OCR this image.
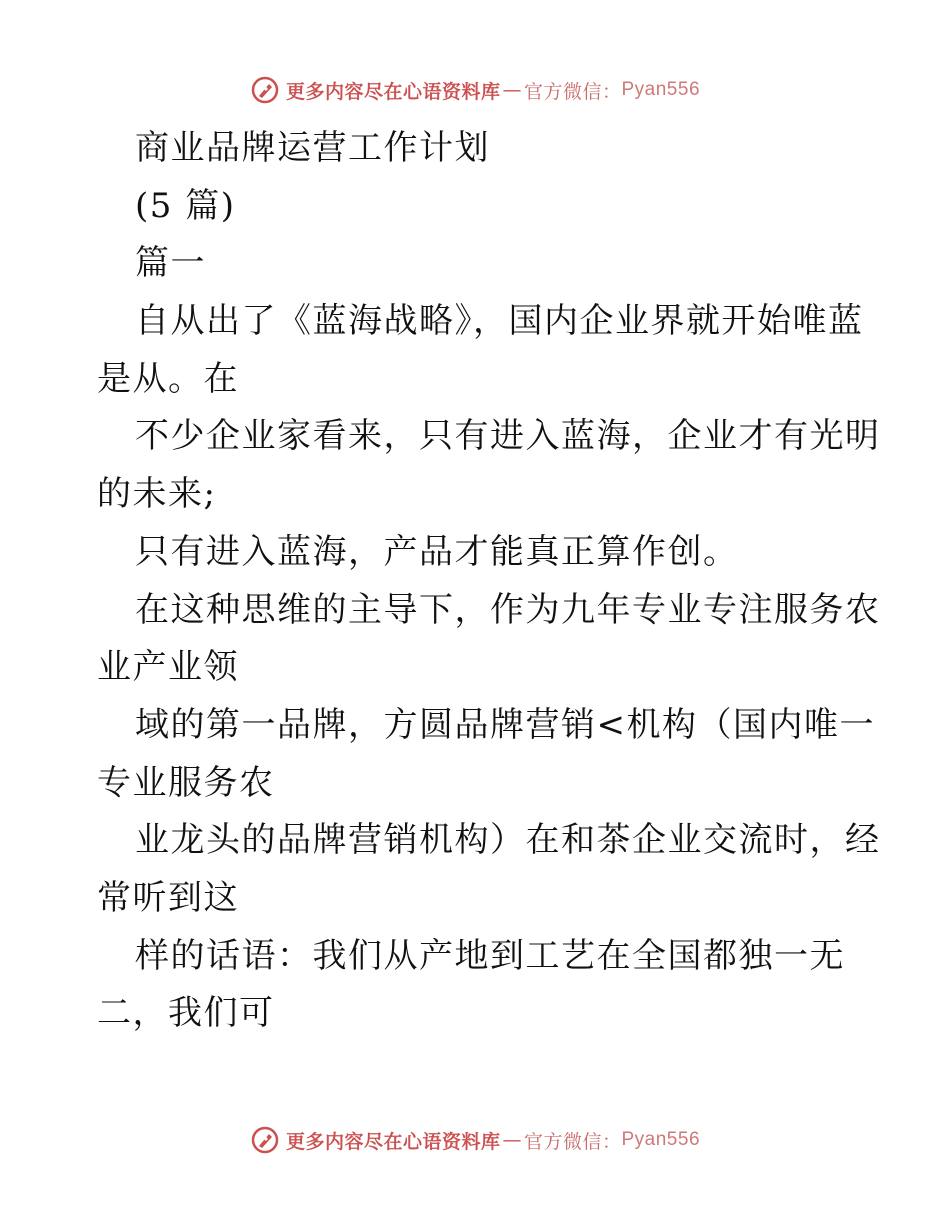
更多内容尽在心语资料库 — 官方微信： Pyan556
商业品牌运营工作计划
(5 篇)
篇一
自从出了《蓝海战略》，国内企业界就开始唯蓝
是从。在
不少企业家看来，只有进入蓝海，企业才有光明
的未来;
只有进入蓝海，产品才能真正算作创。
在这种思维的主导下，作为九年专业专注服务农
业产业领
域的第一品牌，方圆品牌营销<机构（国内唯一
专业服务农
业龙头的品牌营销机构）在和茶企业交流时，经
常听到这
样的话语：我们从产地到工艺在全国都独一无
二，我们可
更多内容尽在心语资料库 — 官方微信： Pyan556
